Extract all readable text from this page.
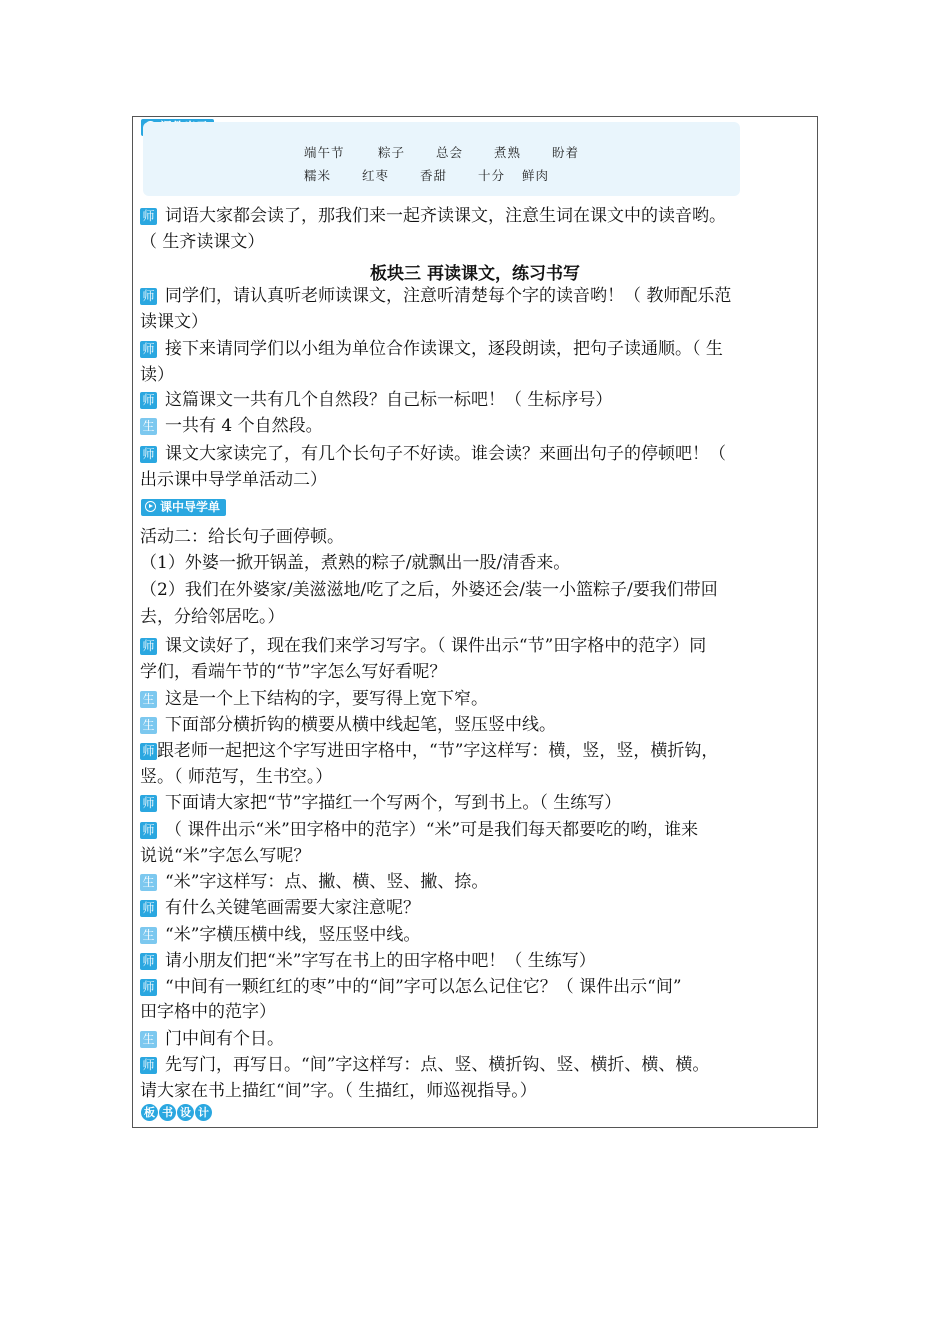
端午节	粽子 总会 煮熟 盼着
糯米 红枣 香甜 十分 鲜肉
师 词语大家都会读了，那我们来一起齐读课文，注意生词在课文中的读音哟。
（ 生齐读课文）
板块三 再读课文，练习书写
师 同学们，请认真听老师读课文，注意听清楚每个字的读音哟！（ 教师配乐范
读课文）
师 接下来请同学们以小组为单位合作读课文，逐段朗读，把句子读通顺。（ 生
读）
师 这篇课文一共有几个自然段？自己标一标吧！（ 生标序号）
生 一共有 4 个自然段。
师 课文大家读完了，有几个长句子不好读。谁会读？来画出句子的停顿吧！（
出示课中导学单活动二）
课中导学单
活动二：给长句子画停顿。
（1）外婆一掀开锅盖，煮熟的粽子/就飘出一股/清香来。
（2）我们在外婆家/美滋滋地/吃了之后，外婆还会/装一小篮粽子/要我们带回
去，分给邻居吃。）
师 课文读好了，现在我们来学习写字。（ 课件出示“节”田字格中的范字）同
学们，看端午节的“节”字怎么写好看呢？
生 这是一个上下结构的字，要写得上宽下窄。
生 下面部分横折钩的横要从横中线起笔，竖压竖中线。
师 跟老师一起把这个字写进田字格中，“节”字这样写：横，竖，竖，横折钩，
竖。（ 师范写，生书空。）
师 下面请大家把“节”字描红一个写两个，写到书上。（ 生练写）
师 （ 课件出示“米”田字格中的范字）“米”可是我们每天都要吃的哟，谁来
说说“米”字怎么写呢？
生 “米”字这样写：点、撇、横、竖、撇、捺。
师 有什么关键笔画需要大家注意呢？
生 “米”字横压横中线，竖压竖中线。
师 请小朋友们把“米”字写在书上的田字格中吧！（ 生练写）
师 “中间有一颗红红的枣”中的“间”字可以怎么记住它？（ 课件出示“间”
田字格中的范字）
生 门中间有个日。
师 先写门，再写日。“间”字这样写：点、竖、横折钩、竖、横折、横、横。
请大家在书上描红“间”字。（ 生描红，师巡视指导。）
板 书 设 计
